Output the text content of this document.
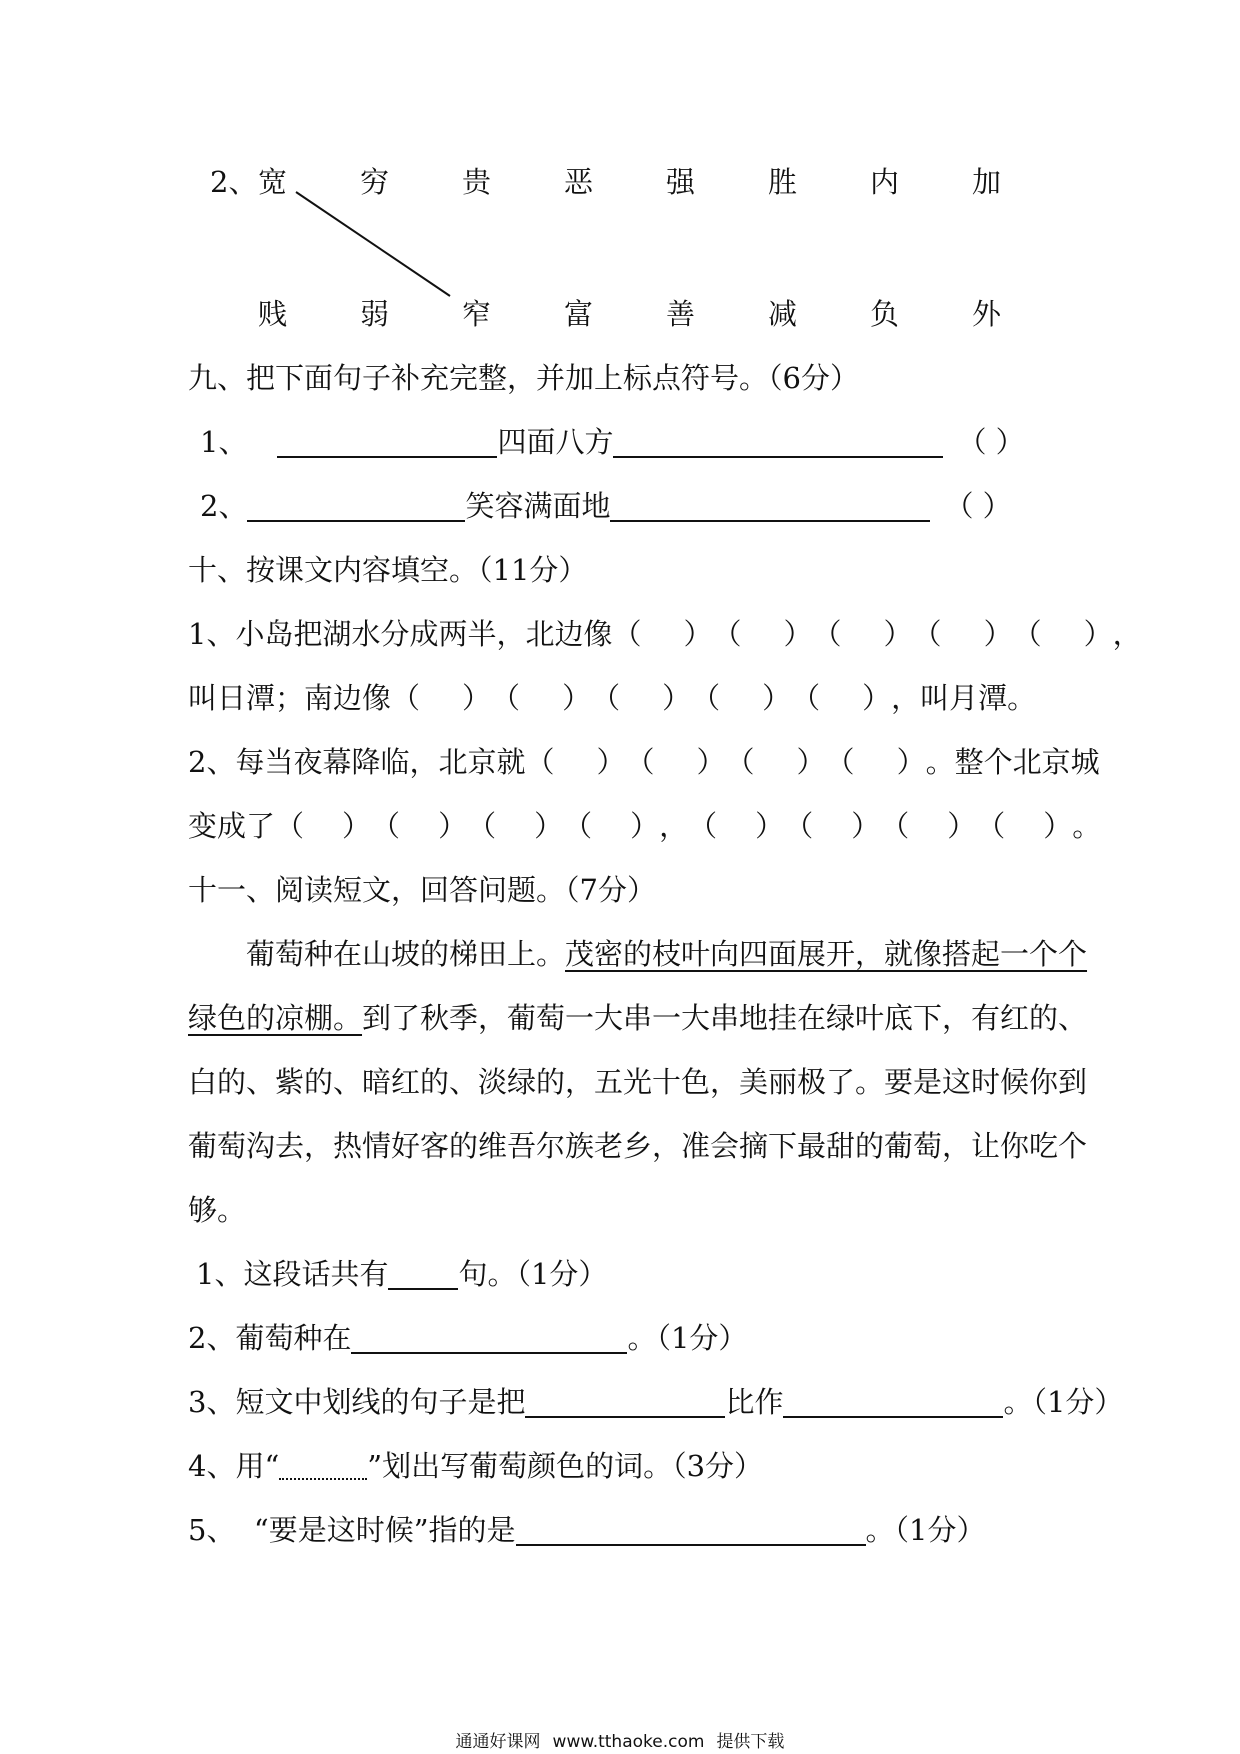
2、 宽	穷	贵	恶	强	胜	内	加
贱	弱	窄	富	善	减	负	外
九、把下面句子补充完整，并加上标点符号。（6分）
1、	四面八方	（ ）
2、	笑容满面地	（ ）
十、按课文内容填空。（11分）
1、小岛把湖水分成两半，北边像（ ）（ ）（ ）（ ）（ ），
叫日潭；南边像（ ）（ ）（ ）（ ）（ ），叫月潭。
2、每当夜幕降临，北京就（ ）（ ）（ ）（ ）。整个北京城
变成了（ ）（ ）（ ）（ ），（ ）（ ）（ ）（ ）。
十一、阅读短文，回答问题。（7分）
葡萄种在山坡的梯田上。茂密的枝叶向四面展开，就像搭起一个个
绿色的凉棚。到了秋季，葡萄一大串一大串地挂在绿叶底下，有红的、
白的、紫的、暗红的、淡绿的，五光十色，美丽极了。要是这时候你到
葡萄沟去，热情好客的维吾尔族老乡，准会摘下最甜的葡萄，让你吃个
够。
1、这段话共有 句。（1分）
2、葡萄种在	。（1分）
3、短文中划线的句子是把	比作	。（1分）
4、用“	”划出写葡萄颜色的词。（3分）
5、  “要是这时候”指的是	。（1分）
通通好课网 www.tthaoke.com 提供下载
